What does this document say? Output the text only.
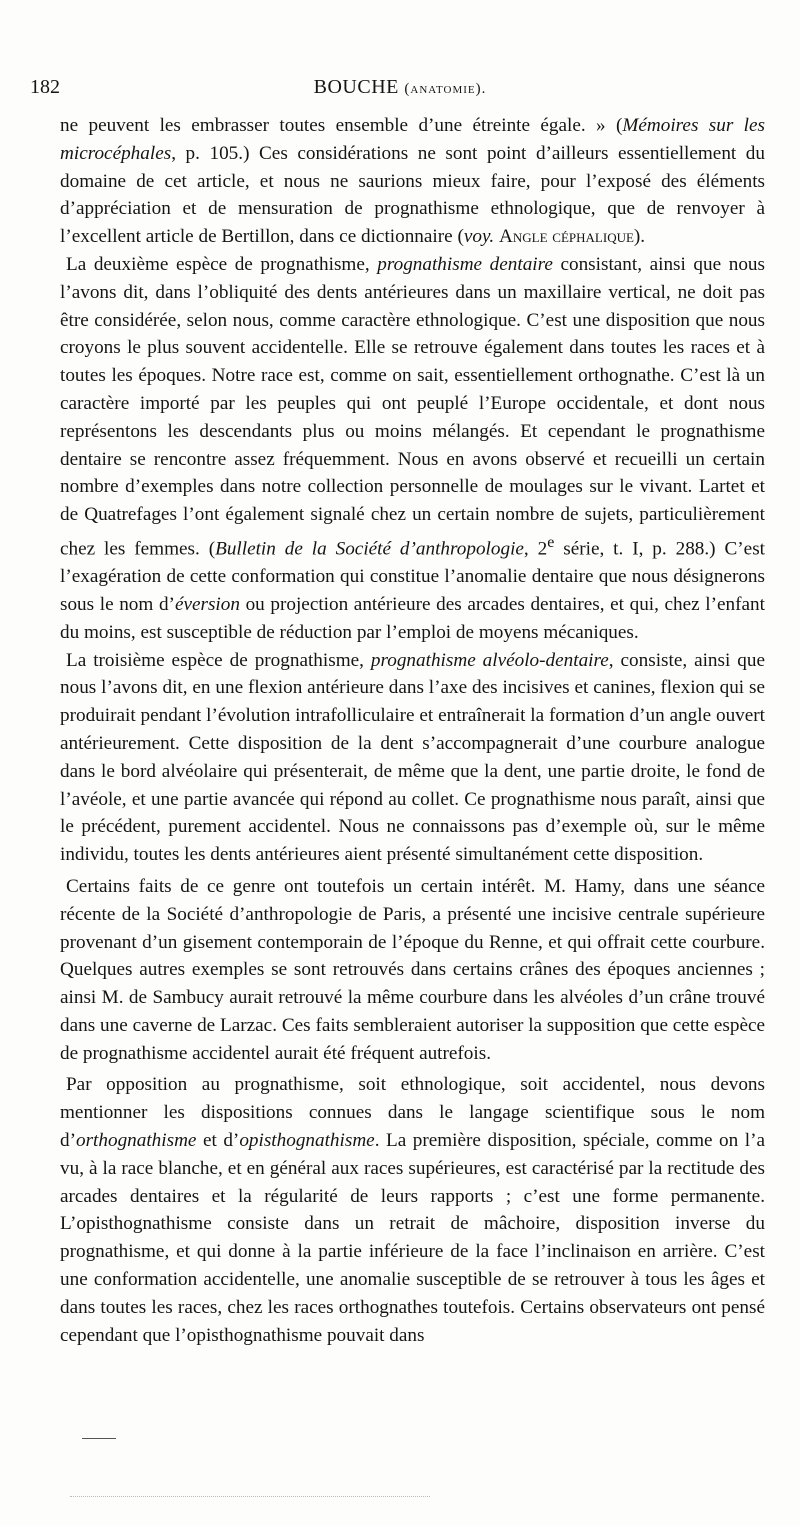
182	BOUCHE (anatomie).

ne peuvent les embrasser toutes ensemble d’une étreinte égale. » (Mémoires sur les microcéphales, p. 105.) Ces considérations ne sont point d’ailleurs essentiellement du domaine de cet article, et nous ne saurions mieux faire, pour l’exposé des éléments d’appréciation et de mensuration de prognathisme ethnologique, que de renvoyer à l’excellent article de Bertillon, dans ce dictionnaire (voy. Angle céphalique).

La deuxième espèce de prognathisme, prognathisme dentaire consistant, ainsi que nous l’avons dit, dans l’obliquité des dents antérieures dans un maxillaire vertical, ne doit pas être considérée, selon nous, comme caractère ethnologique. C’est une disposition que nous croyons le plus souvent accidentelle. Elle se retrouve également dans toutes les races et à toutes les époques. Notre race est, comme on sait, essentiellement orthognathe. C’est là un caractère importé par les peuples qui ont peuplé l’Europe occidentale, et dont nous représentons les descendants plus ou moins mélangés. Et cependant le prognathisme dentaire se rencontre assez fréquemment. Nous en avons observé et recueilli un certain nombre d’exemples dans notre collection personnelle de moulages sur le vivant. Lartet et de Quatrefages l’ont également signalé chez un certain nombre de sujets, particulièrement chez les femmes. (Bulletin de la Société d’anthropologie, 2e série, t. I, p. 288.) C’est l’exagération de cette conformation qui constitue l’anomalie dentaire que nous désignerons sous le nom d’éversion ou projection antérieure des arcades dentaires, et qui, chez l’enfant du moins, est susceptible de réduction par l’emploi de moyens mécaniques.

La troisième espèce de prognathisme, prognathisme alvéolo-dentaire, consiste, ainsi que nous l’avons dit, en une flexion antérieure dans l’axe des incisives et canines, flexion qui se produirait pendant l’évolution intrafolliculaire et entraînerait la formation d’un angle ouvert antérieurement. Cette disposition de la dent s’accompagnerait d’une courbure analogue dans le bord alvéolaire qui présenterait, de même que la dent, une partie droite, le fond de l’avéole, et une partie avancée qui répond au collet. Ce prognathisme nous paraît, ainsi que le précédent, purement accidentel. Nous ne connaissons pas d’exemple où, sur le même individu, toutes les dents antérieures aient présenté simultanément cette disposition.

Certains faits de ce genre ont toutefois un certain intérêt. M. Hamy, dans une séance récente de la Société d’anthropologie de Paris, a présenté une incisive centrale supérieure provenant d’un gisement contemporain de l’époque du Renne, et qui offrait cette courbure. Quelques autres exemples se sont retrouvés dans certains crânes des époques anciennes ; ainsi M. de Sambucy aurait retrouvé la même courbure dans les alvéoles d’un crâne trouvé dans une caverne de Larzac. Ces faits sembleraient autoriser la supposition que cette espèce de prognathisme accidentel aurait été fréquent autrefois.

Par opposition au prognathisme, soit ethnologique, soit accidentel, nous devons mentionner les dispositions connues dans le langage scientifique sous le nom d’orthognathisme et d’opisthognathisme. La première disposition, spéciale, comme on l’a vu, à la race blanche, et en général aux races supérieures, est caractérisé par la rectitude des arcades dentaires et la régularité de leurs rapports ; c’est une forme permanente. L’opisthognathisme consiste dans un retrait de mâchoire, disposition inverse du prognathisme, et qui donne à la partie inférieure de la face l’inclinaison en arrière. C’est une conformation accidentelle, une anomalie susceptible de se retrouver à tous les âges et dans toutes les races, chez les races orthognathes toutefois. Certains observateurs ont pensé cependant que l’opisthognathisme pouvait dans
